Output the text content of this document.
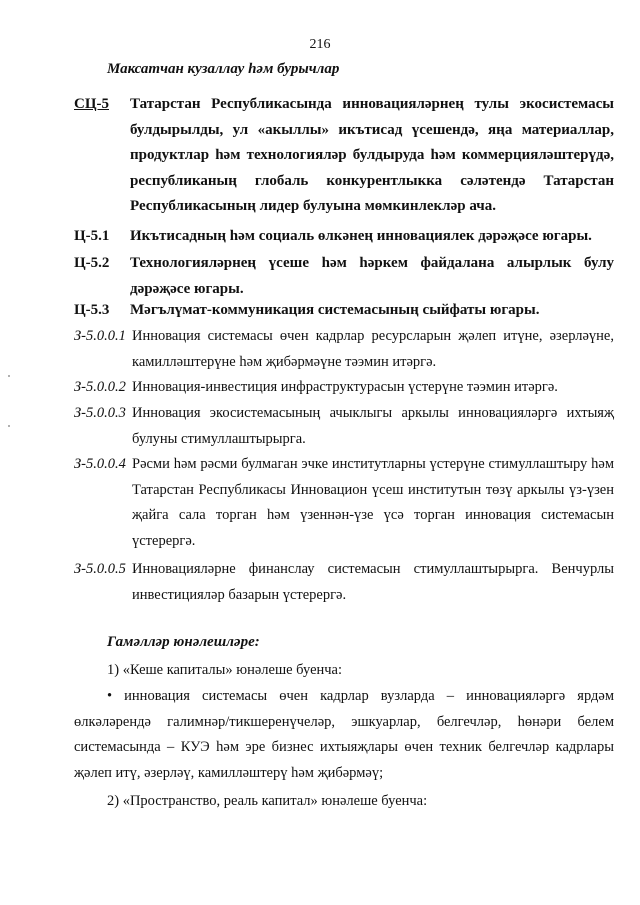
216
Максатчан кузаллау һәм бурычлар
СЦ-5 Татарстан Республикасында инновацияләрнең тулы экосистемасы булдырылды, ул «акыллы» икътисад үсешендә, яңа материаллар, продуктлар һәм технологияләр булдыруда һәм коммерцияләштерүдә, республиканың глобаль конкурентлыкка сәләтендә Татарстан Республикасының лидер булуына мөмкинлекләр ача.
Ц-5.1 Икътисадның һәм социаль өлкәнең инновациялек дәрәҗәсе югары.
Ц-5.2 Технологияләрнең үсеше һәм һәркем файдалана алырлык булу дәрәҗәсе югары.
Ц-5.3 Мәгълүмат-коммуникация системасының сыйфаты югары.
З-5.0.0.1 Инновация системасы өчен кадрлар ресурсларын җәлеп итүне, әзерләүне, камилләштерүне һәм җибәрмәүне тәэмин итәргә.
З-5.0.0.2 Инновация-инвестиция инфраструктурасын үстерүне тәэмин итәргә.
З-5.0.0.3 Инновация экосистемасының ачыклыгы аркылы инновацияләргә ихтыяҗ булуны стимуллаштырырга.
З-5.0.0.4 Рәсми һәм рәсми булмаган эчке институтларны үстерүне стимуллаштыру һәм Татарстан Республикасы Инновацион үсеш институтын төзү аркылы үз-үзен җайга сала торган һәм үзеннән-үзе үсә торган инновация системасын үстерергә.
З-5.0.0.5 Инновацияләрне финанслау системасын стимуллаштырырга. Венчурлы инвестицияләр базарын үстерергә.
Гамәлләр юнәлешләре:
1) «Кеше капиталы» юнәлеше буенча:
• инновация системасы өчен кадрлар вузларда – инновацияләргә ярдәм өлкәләрендә галимнәр/тикшеренүчеләр, эшкуарлар, белгечләр, һөнәри белем системасында – КУЭ һәм эре бизнес ихтыяҗлары өчен техник белгечләр кадрлары җәлеп итү, әзерләү, камилләштерү һәм җибәрмәү;
2) «Пространство, реаль капитал» юнәлеше буенча:
